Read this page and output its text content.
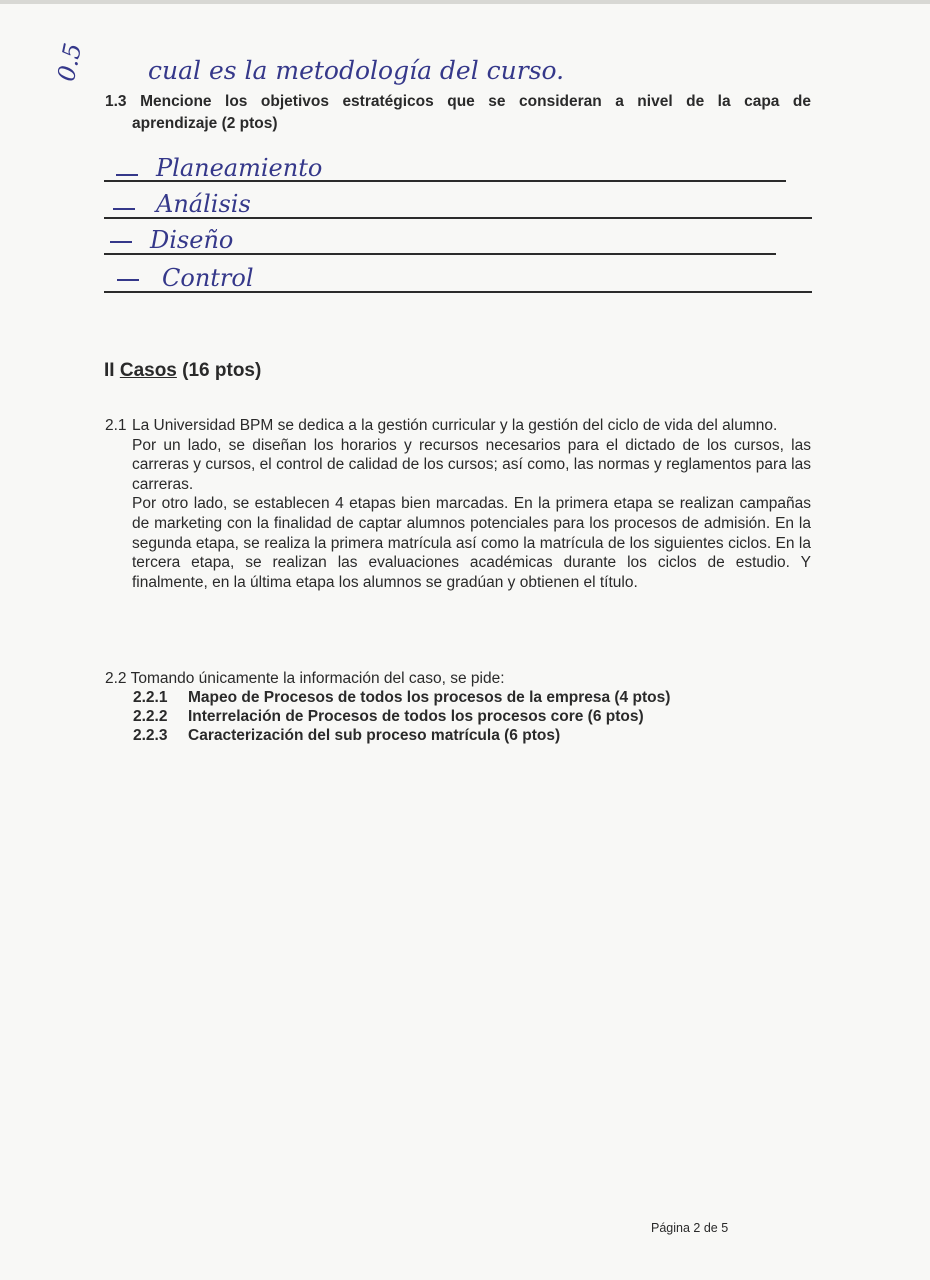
0.5 cual es la metodología del curso.
1.3 Mencione los objetivos estratégicos que se consideran a nivel de la capa de
aprendizaje (2 ptos)
Planeamiento
Análisis
Diseño
Control
II Casos (16 ptos)
2.1 La Universidad BPM se dedica a la gestión curricular y la gestión del ciclo de vida del alumno.

Por un lado, se diseñan los horarios y recursos necesarios para el dictado de los cursos, las carreras y cursos, el control de calidad de los cursos; así como, las normas y reglamentos para las carreras.

Por otro lado, se establecen 4 etapas bien marcadas. En la primera etapa se realizan campañas de marketing con la finalidad de captar alumnos potenciales para los procesos de admisión. En la segunda etapa, se realiza la primera matrícula así como la matrícula de los siguientes ciclos. En la tercera etapa, se realizan las evaluaciones académicas durante los ciclos de estudio. Y finalmente, en la última etapa los alumnos se gradúan y obtienen el título.

2.2 Tomando únicamente la información del caso, se pide:

2.2.1	Mapeo de Procesos de todos los procesos de la empresa (4 ptos)
2.2.2	Interrelación de Procesos de todos los procesos core (6 ptos)
2.2.3	Caracterización del sub proceso matrícula (6 ptos)
Página 2 de 5
